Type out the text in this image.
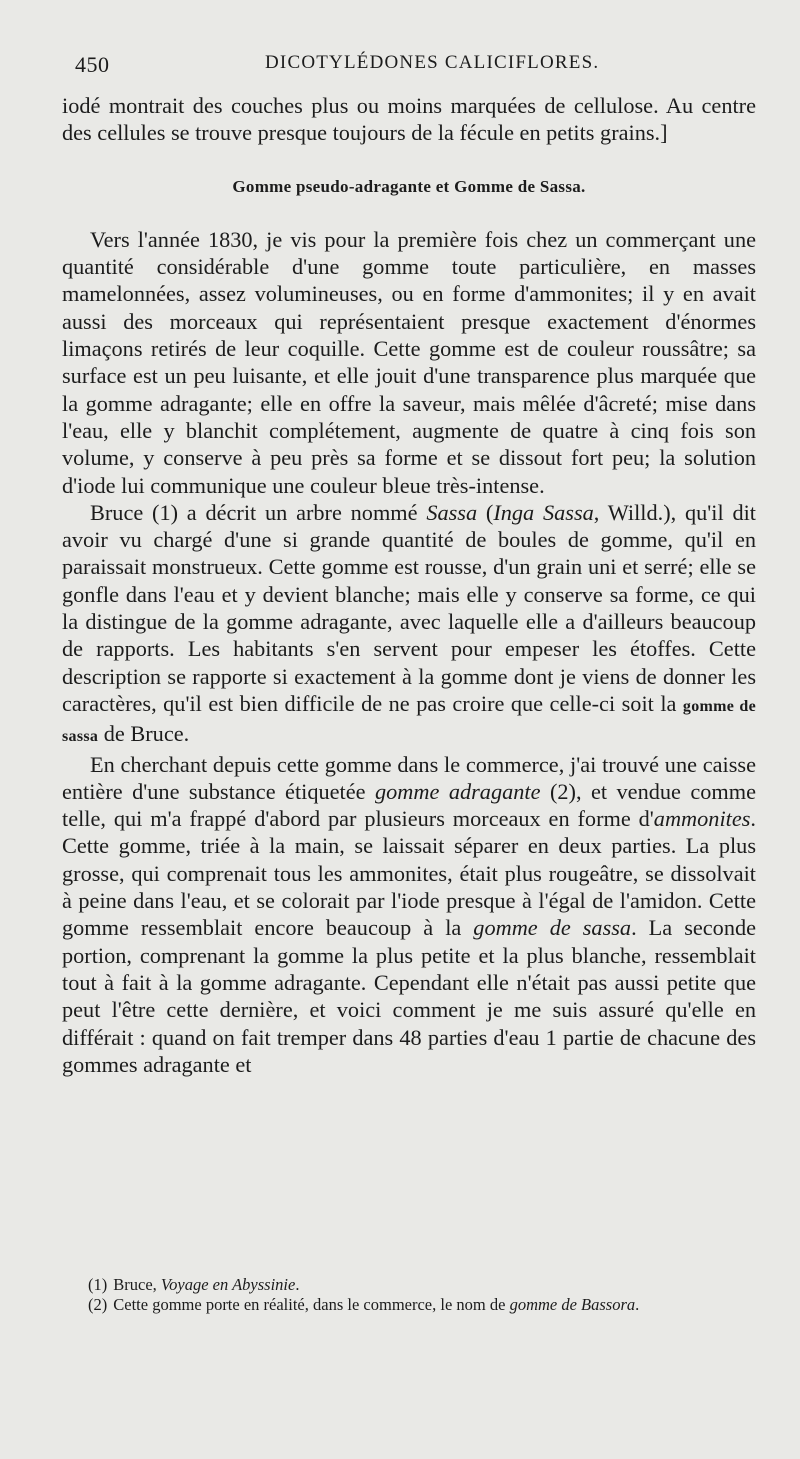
450	DICOTYLÉDONES CALICIFLORES.

iodé montrait des couches plus ou moins marquées de cellulose. Au centre des cellules se trouve presque toujours de la fécule en petits grains.]

Gomme pseudo-adragante et Gomme de Sassa.

Vers l'année 1830, je vis pour la première fois chez un commerçant une quantité considérable d'une gomme toute particulière, en masses mamelonnées, assez volumineuses, ou en forme d'ammonites; il y en avait aussi des morceaux qui représentaient presque exactement d'énormes limaçons retirés de leur coquille. Cette gomme est de couleur roussâtre; sa surface est un peu luisante, et elle jouit d'une transparence plus marquée que la gomme adragante; elle en offre la saveur, mais mêlée d'âcreté; mise dans l'eau, elle y blanchit complétement, augmente de quatre à cinq fois son volume, y conserve à peu près sa forme et se dissout fort peu; la solution d'iode lui communique une couleur bleue très-intense.

Bruce (1) a décrit un arbre nommé Sassa (Inga Sassa, Willd.), qu'il dit avoir vu chargé d'une si grande quantité de boules de gomme, qu'il en paraissait monstrueux. Cette gomme est rousse, d'un grain uni et serré; elle se gonfle dans l'eau et y devient blanche; mais elle y conserve sa forme, ce qui la distingue de la gomme adragante, avec laquelle elle a d'ailleurs beaucoup de rapports. Les habitants s'en servent pour empeser les étoffes. Cette description se rapporte si exactement à la gomme dont je viens de donner les caractères, qu'il est bien difficile de ne pas croire que celle-ci soit la gomme de sassa de Bruce.

En cherchant depuis cette gomme dans le commerce, j'ai trouvé une caisse entière d'une substance étiquetée gomme adragante (2), et vendue comme telle, qui m'a frappé d'abord par plusieurs morceaux en forme d'ammonites. Cette gomme, triée à la main, se laissait séparer en deux parties. La plus grosse, qui comprenait tous les ammonites, était plus rougeâtre, se dissolvait à peine dans l'eau, et se colorait par l'iode presque à l'égal de l'amidon. Cette gomme ressemblait encore beaucoup à la gomme de sassa. La seconde portion, comprenant la gomme la plus petite et la plus blanche, ressemblait tout à fait à la gomme adragante. Cependant elle n'était pas aussi petite que peut l'être cette dernière, et voici comment je me suis assuré qu'elle en différait : quand on fait tremper dans 48 parties d'eau 1 partie de chacune des gommes adragante et

(1) Bruce, Voyage en Abyssinie.

(2) Cette gomme porte en réalité, dans le commerce, le nom de gomme de Bassora.
